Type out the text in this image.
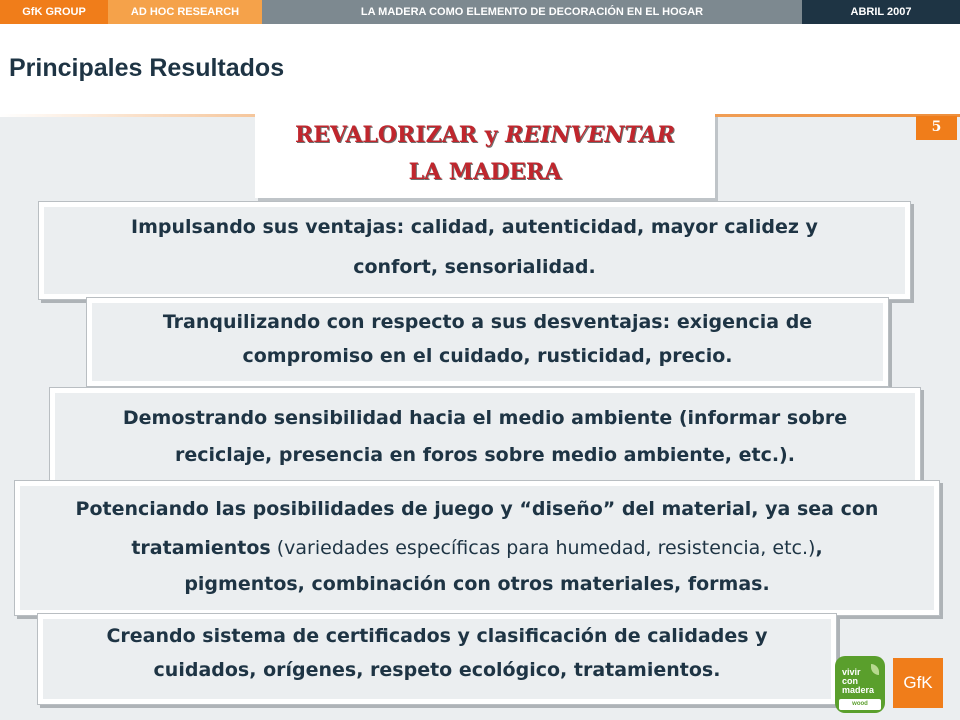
GfK GROUP	AD HOC RESEARCH	LA MADERA COMO ELEMENTO DE DECORACIÓN EN EL HOGAR	ABRIL 2007
Principales Resultados
5
REVALORIZAR y REINVENTAR
LA MADERA
Impulsando sus ventajas: calidad, autenticidad, mayor calidez y
confort, sensorialidad.
Tranquilizando con respecto a sus desventajas: exigencia de
compromiso en el cuidado, rusticidad, precio.
Demostrando sensibilidad hacia el medio ambiente (informar sobre
reciclaje, presencia en foros sobre medio ambiente, etc.).
Potenciando las posibilidades de juego y “diseño” del material, ya sea con
tratamientos (variedades específicas para humedad, resistencia, etc.),
pigmentos, combinación con otros materiales, formas.
Creando sistema de certificados y clasificación de calidades y
cuidados, orígenes, respeto ecológico, tratamientos.	vivir
con
madera
wood
GfK
